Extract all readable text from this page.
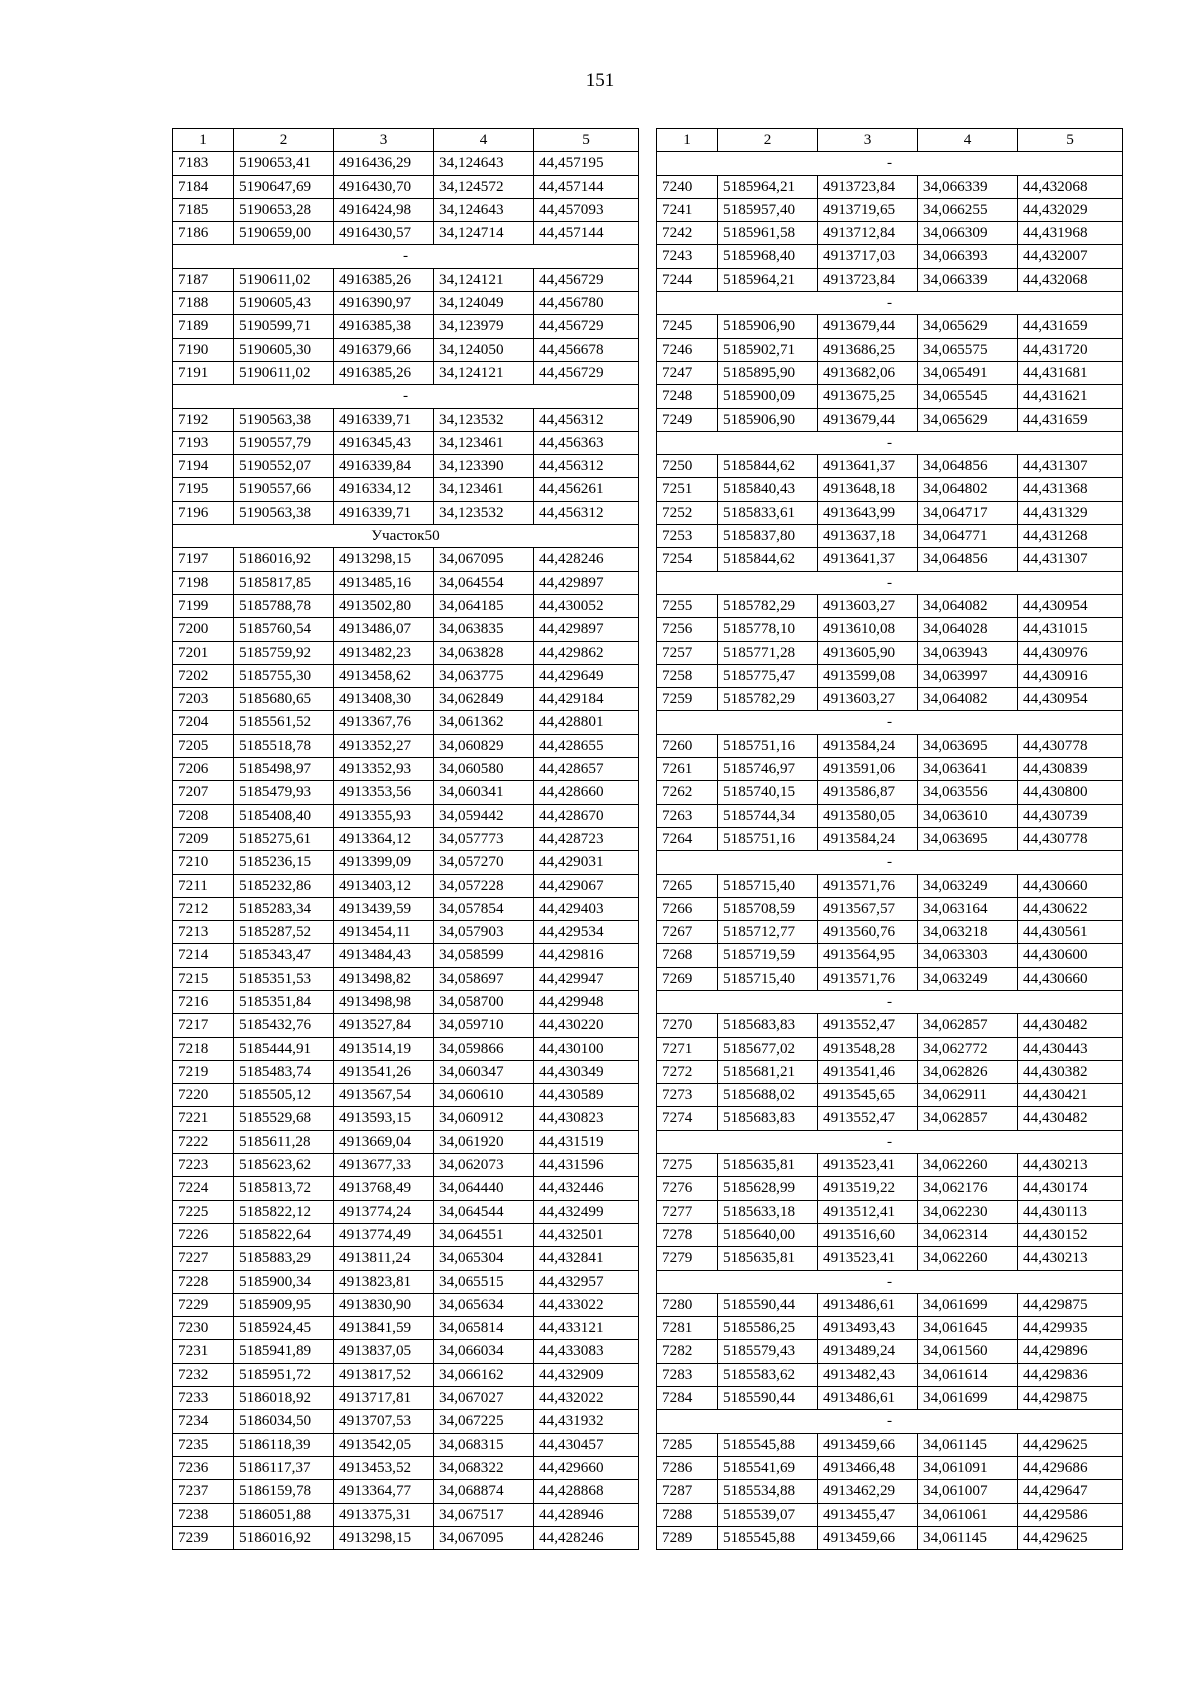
151
1	2	3	4	5
7183	5190653,41	4916436,29	34,124643	44,457195
7184	5190647,69	4916430,70	34,124572	44,457144
7185	5190653,28	4916424,98	34,124643	44,457093
7186	5190659,00	4916430,57	34,124714	44,457144
-				
7187	5190611,02	4916385,26	34,124121	44,456729
7188	5190605,43	4916390,97	34,124049	44,456780
7189	5190599,71	4916385,38	34,123979	44,456729
7190	5190605,30	4916379,66	34,124050	44,456678
7191	5190611,02	4916385,26	34,124121	44,456729
-				
7192	5190563,38	4916339,71	34,123532	44,456312
7193	5190557,79	4916345,43	34,123461	44,456363
7194	5190552,07	4916339,84	34,123390	44,456312
7195	5190557,66	4916334,12	34,123461	44,456261
7196	5190563,38	4916339,71	34,123532	44,456312
Участок50				
7197	5186016,92	4913298,15	34,067095	44,428246
7198	5185817,85	4913485,16	34,064554	44,429897
7199	5185788,78	4913502,80	34,064185	44,430052
7200	5185760,54	4913486,07	34,063835	44,429897
7201	5185759,92	4913482,23	34,063828	44,429862
7202	5185755,30	4913458,62	34,063775	44,429649
7203	5185680,65	4913408,30	34,062849	44,429184
7204	5185561,52	4913367,76	34,061362	44,428801
7205	5185518,78	4913352,27	34,060829	44,428655
7206	5185498,97	4913352,93	34,060580	44,428657
7207	5185479,93	4913353,56	34,060341	44,428660
7208	5185408,40	4913355,93	34,059442	44,428670
7209	5185275,61	4913364,12	34,057773	44,428723
7210	5185236,15	4913399,09	34,057270	44,429031
7211	5185232,86	4913403,12	34,057228	44,429067
7212	5185283,34	4913439,59	34,057854	44,429403
7213	5185287,52	4913454,11	34,057903	44,429534
7214	5185343,47	4913484,43	34,058599	44,429816
7215	5185351,53	4913498,82	34,058697	44,429947
7216	5185351,84	4913498,98	34,058700	44,429948
7217	5185432,76	4913527,84	34,059710	44,430220
7218	5185444,91	4913514,19	34,059866	44,430100
7219	5185483,74	4913541,26	34,060347	44,430349
7220	5185505,12	4913567,54	34,060610	44,430589
7221	5185529,68	4913593,15	34,060912	44,430823
7222	5185611,28	4913669,04	34,061920	44,431519
7223	5185623,62	4913677,33	34,062073	44,431596
7224	5185813,72	4913768,49	34,064440	44,432446
7225	5185822,12	4913774,24	34,064544	44,432499
7226	5185822,64	4913774,49	34,064551	44,432501
7227	5185883,29	4913811,24	34,065304	44,432841
7228	5185900,34	4913823,81	34,065515	44,432957
7229	5185909,95	4913830,90	34,065634	44,433022
7230	5185924,45	4913841,59	34,065814	44,433121
7231	5185941,89	4913837,05	34,066034	44,433083
7232	5185951,72	4913817,52	34,066162	44,432909
7233	5186018,92	4913717,81	34,067027	44,432022
7234	5186034,50	4913707,53	34,067225	44,431932
7235	5186118,39	4913542,05	34,068315	44,430457
7236	5186117,37	4913453,52	34,068322	44,429660
7237	5186159,78	4913364,77	34,068874	44,428868
7238	5186051,88	4913375,31	34,067517	44,428946
7239	5186016,92	4913298,15	34,067095	44,428246
1	2	3	4	5
-				
7240	5185964,21	4913723,84	34,066339	44,432068
7241	5185957,40	4913719,65	34,066255	44,432029
7242	5185961,58	4913712,84	34,066309	44,431968
7243	5185968,40	4913717,03	34,066393	44,432007
7244	5185964,21	4913723,84	34,066339	44,432068
-				
7245	5185906,90	4913679,44	34,065629	44,431659
7246	5185902,71	4913686,25	34,065575	44,431720
7247	5185895,90	4913682,06	34,065491	44,431681
7248	5185900,09	4913675,25	34,065545	44,431621
7249	5185906,90	4913679,44	34,065629	44,431659
-				
7250	5185844,62	4913641,37	34,064856	44,431307
7251	5185840,43	4913648,18	34,064802	44,431368
7252	5185833,61	4913643,99	34,064717	44,431329
7253	5185837,80	4913637,18	34,064771	44,431268
7254	5185844,62	4913641,37	34,064856	44,431307
-				
7255	5185782,29	4913603,27	34,064082	44,430954
7256	5185778,10	4913610,08	34,064028	44,431015
7257	5185771,28	4913605,90	34,063943	44,430976
7258	5185775,47	4913599,08	34,063997	44,430916
7259	5185782,29	4913603,27	34,064082	44,430954
-				
7260	5185751,16	4913584,24	34,063695	44,430778
7261	5185746,97	4913591,06	34,063641	44,430839
7262	5185740,15	4913586,87	34,063556	44,430800
7263	5185744,34	4913580,05	34,063610	44,430739
7264	5185751,16	4913584,24	34,063695	44,430778
-				
7265	5185715,40	4913571,76	34,063249	44,430660
7266	5185708,59	4913567,57	34,063164	44,430622
7267	5185712,77	4913560,76	34,063218	44,430561
7268	5185719,59	4913564,95	34,063303	44,430600
7269	5185715,40	4913571,76	34,063249	44,430660
-				
7270	5185683,83	4913552,47	34,062857	44,430482
7271	5185677,02	4913548,28	34,062772	44,430443
7272	5185681,21	4913541,46	34,062826	44,430382
7273	5185688,02	4913545,65	34,062911	44,430421
7274	5185683,83	4913552,47	34,062857	44,430482
-				
7275	5185635,81	4913523,41	34,062260	44,430213
7276	5185628,99	4913519,22	34,062176	44,430174
7277	5185633,18	4913512,41	34,062230	44,430113
7278	5185640,00	4913516,60	34,062314	44,430152
7279	5185635,81	4913523,41	34,062260	44,430213
-				
7280	5185590,44	4913486,61	34,061699	44,429875
7281	5185586,25	4913493,43	34,061645	44,429935
7282	5185579,43	4913489,24	34,061560	44,429896
7283	5185583,62	4913482,43	34,061614	44,429836
7284	5185590,44	4913486,61	34,061699	44,429875
-				
7285	5185545,88	4913459,66	34,061145	44,429625
7286	5185541,69	4913466,48	34,061091	44,429686
7287	5185534,88	4913462,29	34,061007	44,429647
7288	5185539,07	4913455,47	34,061061	44,429586
7289	5185545,88	4913459,66	34,061145	44,429625
